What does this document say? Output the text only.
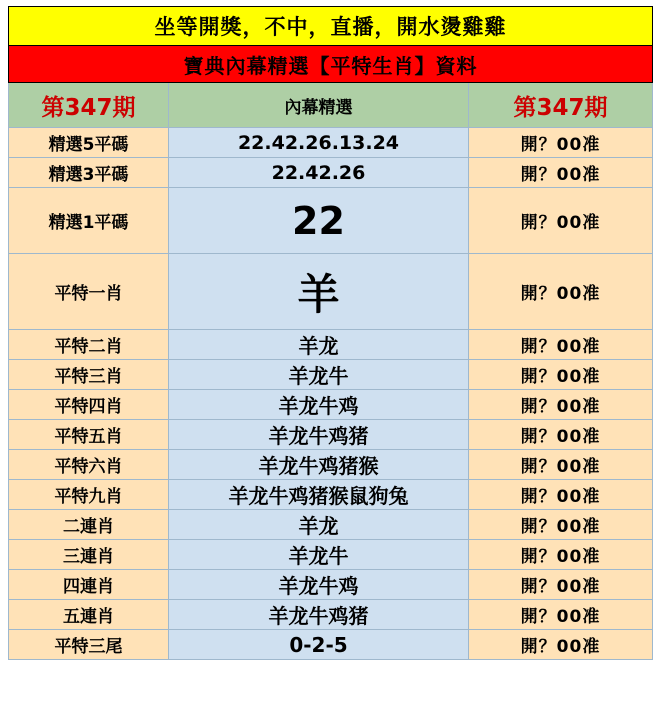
坐等開獎，不中，直播，開水燙雞雞		
寶典內幕精選【平特生肖】資料		
第347期	內幕精選	第347期
精選5平碼	22.42.26.13.24	開？00准
精選3平碼	22.42.26	開？00准
精選1平碼	22	開？00准
平特一肖	羊	開？00准
平特二肖	羊龙	開？00准
平特三肖	羊龙牛	開？00准
平特四肖	羊龙牛鸡	開？00准
平特五肖	羊龙牛鸡猪	開？00准
平特六肖	羊龙牛鸡猪猴	開？00准
平特九肖	羊龙牛鸡猪猴鼠狗兔	開？00准
二連肖	羊龙	開？00准
三連肖	羊龙牛	開？00准
四連肖	羊龙牛鸡	開？00准
五連肖	羊龙牛鸡猪	開？00准
平特三尾	0-2-5	開？00准
